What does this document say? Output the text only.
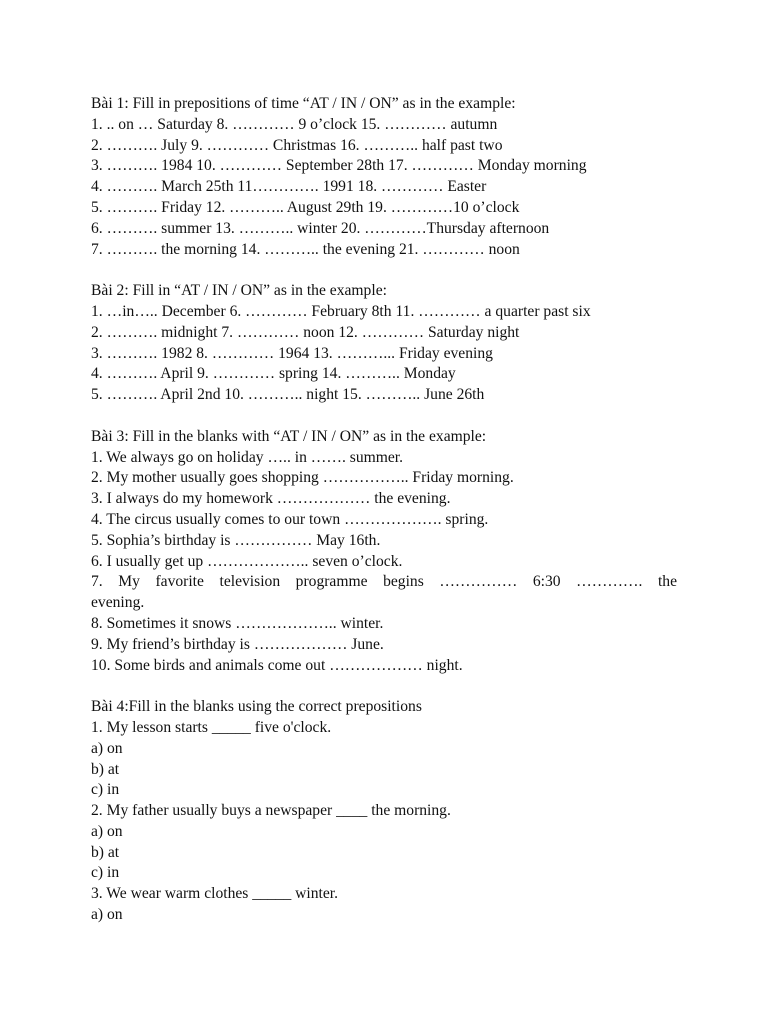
Bài 1: Fill in prepositions of time “AT / IN / ON” as in the example:

1. .. on … Saturday 8. ………… 9 o’clock 15. ………… autumn

2. ………. July 9. ………… Christmas 16. ……….. half past two

3. ………. 1984 10. ………… September 28th 17. ………… Monday morning

4. ………. March 25th 11…………. 1991 18. ………… Easter

5. ………. Friday 12. ……….. August 29th 19. …………10 o’clock

6. ………. summer 13. ……….. winter 20. …………Thursday afternoon

7. ………. the morning 14. ……….. the evening 21. ………… noon

Bài 2: Fill in “AT / IN / ON” as in the example:

1. …in….. December 6. ………… February 8th 11. ………… a quarter past six

2. ………. midnight 7. ………… noon 12. ………… Saturday night

3. ………. 1982 8. ………… 1964 13. ………... Friday evening

4. ………. April 9. ………… spring 14. ……….. Monday

5. ………. April 2nd 10. ……….. night 15. ……….. June 26th

Bài 3: Fill in the blanks with “AT / IN / ON” as in the example:

1. We always go on holiday ….. in ……. summer.

2. My mother usually goes shopping …………….. Friday morning.

3. I always do my homework ……………… the evening.

4. The circus usually comes to our town ………………. spring.

5. Sophia’s birthday is …………… May 16th.

6. I usually get up ……………….. seven o’clock.

7. My favorite television programme begins …………… 6:30 …………. the

evening.

8. Sometimes it snows ……………….. winter.

9. My friend’s birthday is ……………… June.

10. Some birds and animals come out ……………… night.

Bài 4:Fill in the blanks using the correct prepositions

1. My lesson starts _____ five o'clock.

a) on

b) at

c) in

2. My father usually buys a newspaper ____ the morning.

a) on

b) at

c) in

3. We wear warm clothes _____ winter.

a) on
